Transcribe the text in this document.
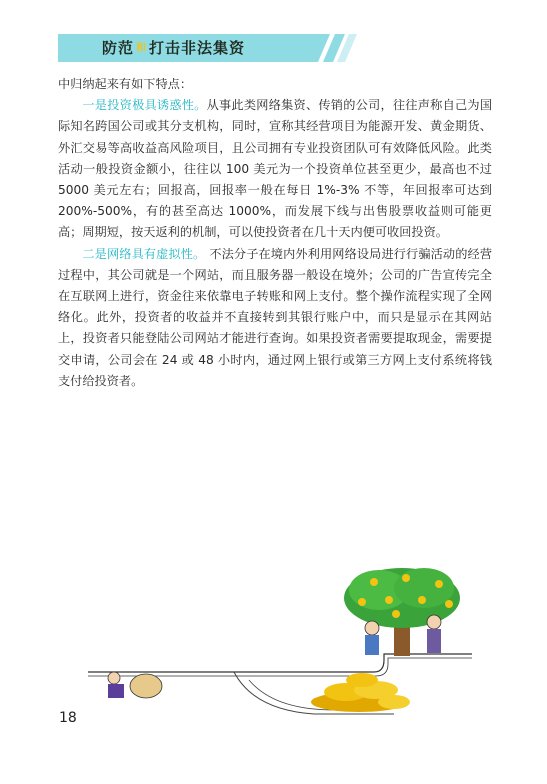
防范 和 打击非法集资

中归纳起来有如下特点：

一是投资极具诱惑性。从事此类网络集资、传销的公司，往往声称自己为国际知名跨国公司或其分支机构，同时，宣称其经营项目为能源开发、黄金期货、外汇交易等高收益高风险项目，且公司拥有专业投资团队可有效降低风险。此类活动一般投资金额小，往往以 100 美元为一个投资单位甚至更少，最高也不过 5000 美元左右；回报高，回报率一般在每日 1%-3% 不等，年回报率可达到 200%-500%，有的甚至高达 1000%，而发展下线与出售股票收益则可能更高；周期短，按天返利的机制，可以使投资者在几十天内便可收回投资。

二是网络具有虚拟性。 不法分子在境内外利用网络设局进行行骗活动的经营过程中，其公司就是一个网站，而且服务器一般设在境外；公司的广告宣传完全在互联网上进行，资金往来依靠电子转账和网上支付。整个操作流程实现了全网络化。此外，投资者的收益并不直接转到其银行账户中，而只是显示在其网站上，投资者只能登陆公司网站才能进行查询。如果投资者需要提取现金，需要提交申请，公司会在 24 或 48 小时内，通过网上银行或第三方网上支付系统将钱支付给投资者。

18
